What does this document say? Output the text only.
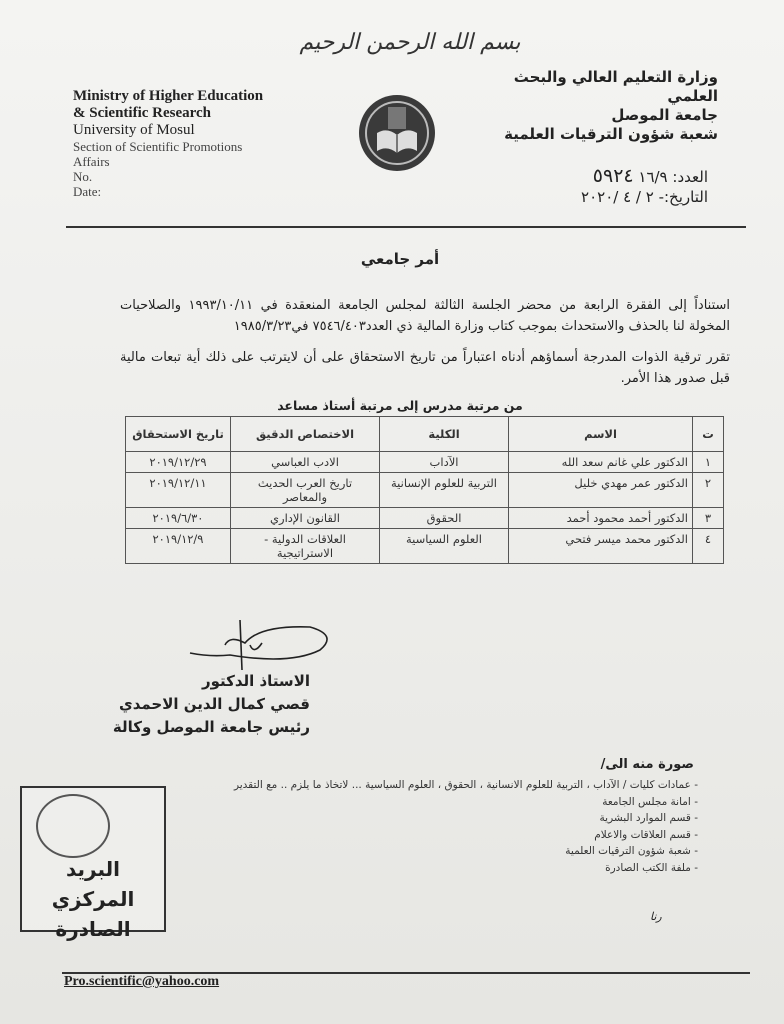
بسم الله الرحمن الرحيم
Ministry of Higher Education
& Scientific Research
University of Mosul
Section of Scientific Promotions
Affairs
No.
Date:
وزارة التعليم العالي والبحث العلمي
جامعة الموصل
شعبة شؤون الترقيات العلمية
العدد: ١٦/٩ ٥٩٢٤
التاريخ:- ٢ / ٤ /٢٠٢٠
أمر جامعي
استناداً إلى الفقرة الرابعة من محضر الجلسة الثالثة لمجلس الجامعة المنعقدة في ١٩٩٣/١٠/١١ والصلاحيات المخولة لنا بالحذف والاستحداث بموجب كتاب وزارة المالية ذي العدد٧٥٤٦/٤٠٣ في١٩٨٥/٣/٢٣
تقرر ترقية الذوات المدرجة أسماؤهم أدناه اعتباراً من تاريخ الاستحقاق على أن لايترتب على ذلك أية تبعات مالية قبل صدور هذا الأمر.
من مرتبة مدرس إلى مرتبة أستاذ مساعد
ت	الاسم	الكلية	الاختصاص الدقيق	تاريخ الاستحقاق
١	الدكتور علي غانم سعد الله	الآداب	الادب العباسي	٢٠١٩/١٢/٢٩
٢	الدكتور عمر مهدي خليل	التربية للعلوم الإنسانية	تاريخ العرب الحديث والمعاصر	٢٠١٩/١٢/١١
٣	الدكتور أحمد محمود أحمد	الحقوق	القانون الإداري	٢٠١٩/٦/٣٠
٤	الدكتور محمد ميسر فتحي	العلوم السياسية	العلاقات الدولية - الاستراتيجية	٢٠١٩/١٢/٩
الاستاذ الدكتور
قصي كمال الدين الاحمدي
رئيس جامعة الموصل وكالة
صورة منه الى/
- عمادات كليات / الآداب ، التربية للعلوم الانسانية ، الحقوق ، العلوم السياسية ... لاتخاذ ما يلزم .. مع التقدير
- امانة مجلس الجامعة
- قسم الموارد البشرية
- قسم العلاقات والاعلام
- شعبة شؤون الترقيات العلمية
- ملفة الكتب الصادرة
رنا
البريد المركزي
الصادرة
Pro.scientific@yahoo.com
